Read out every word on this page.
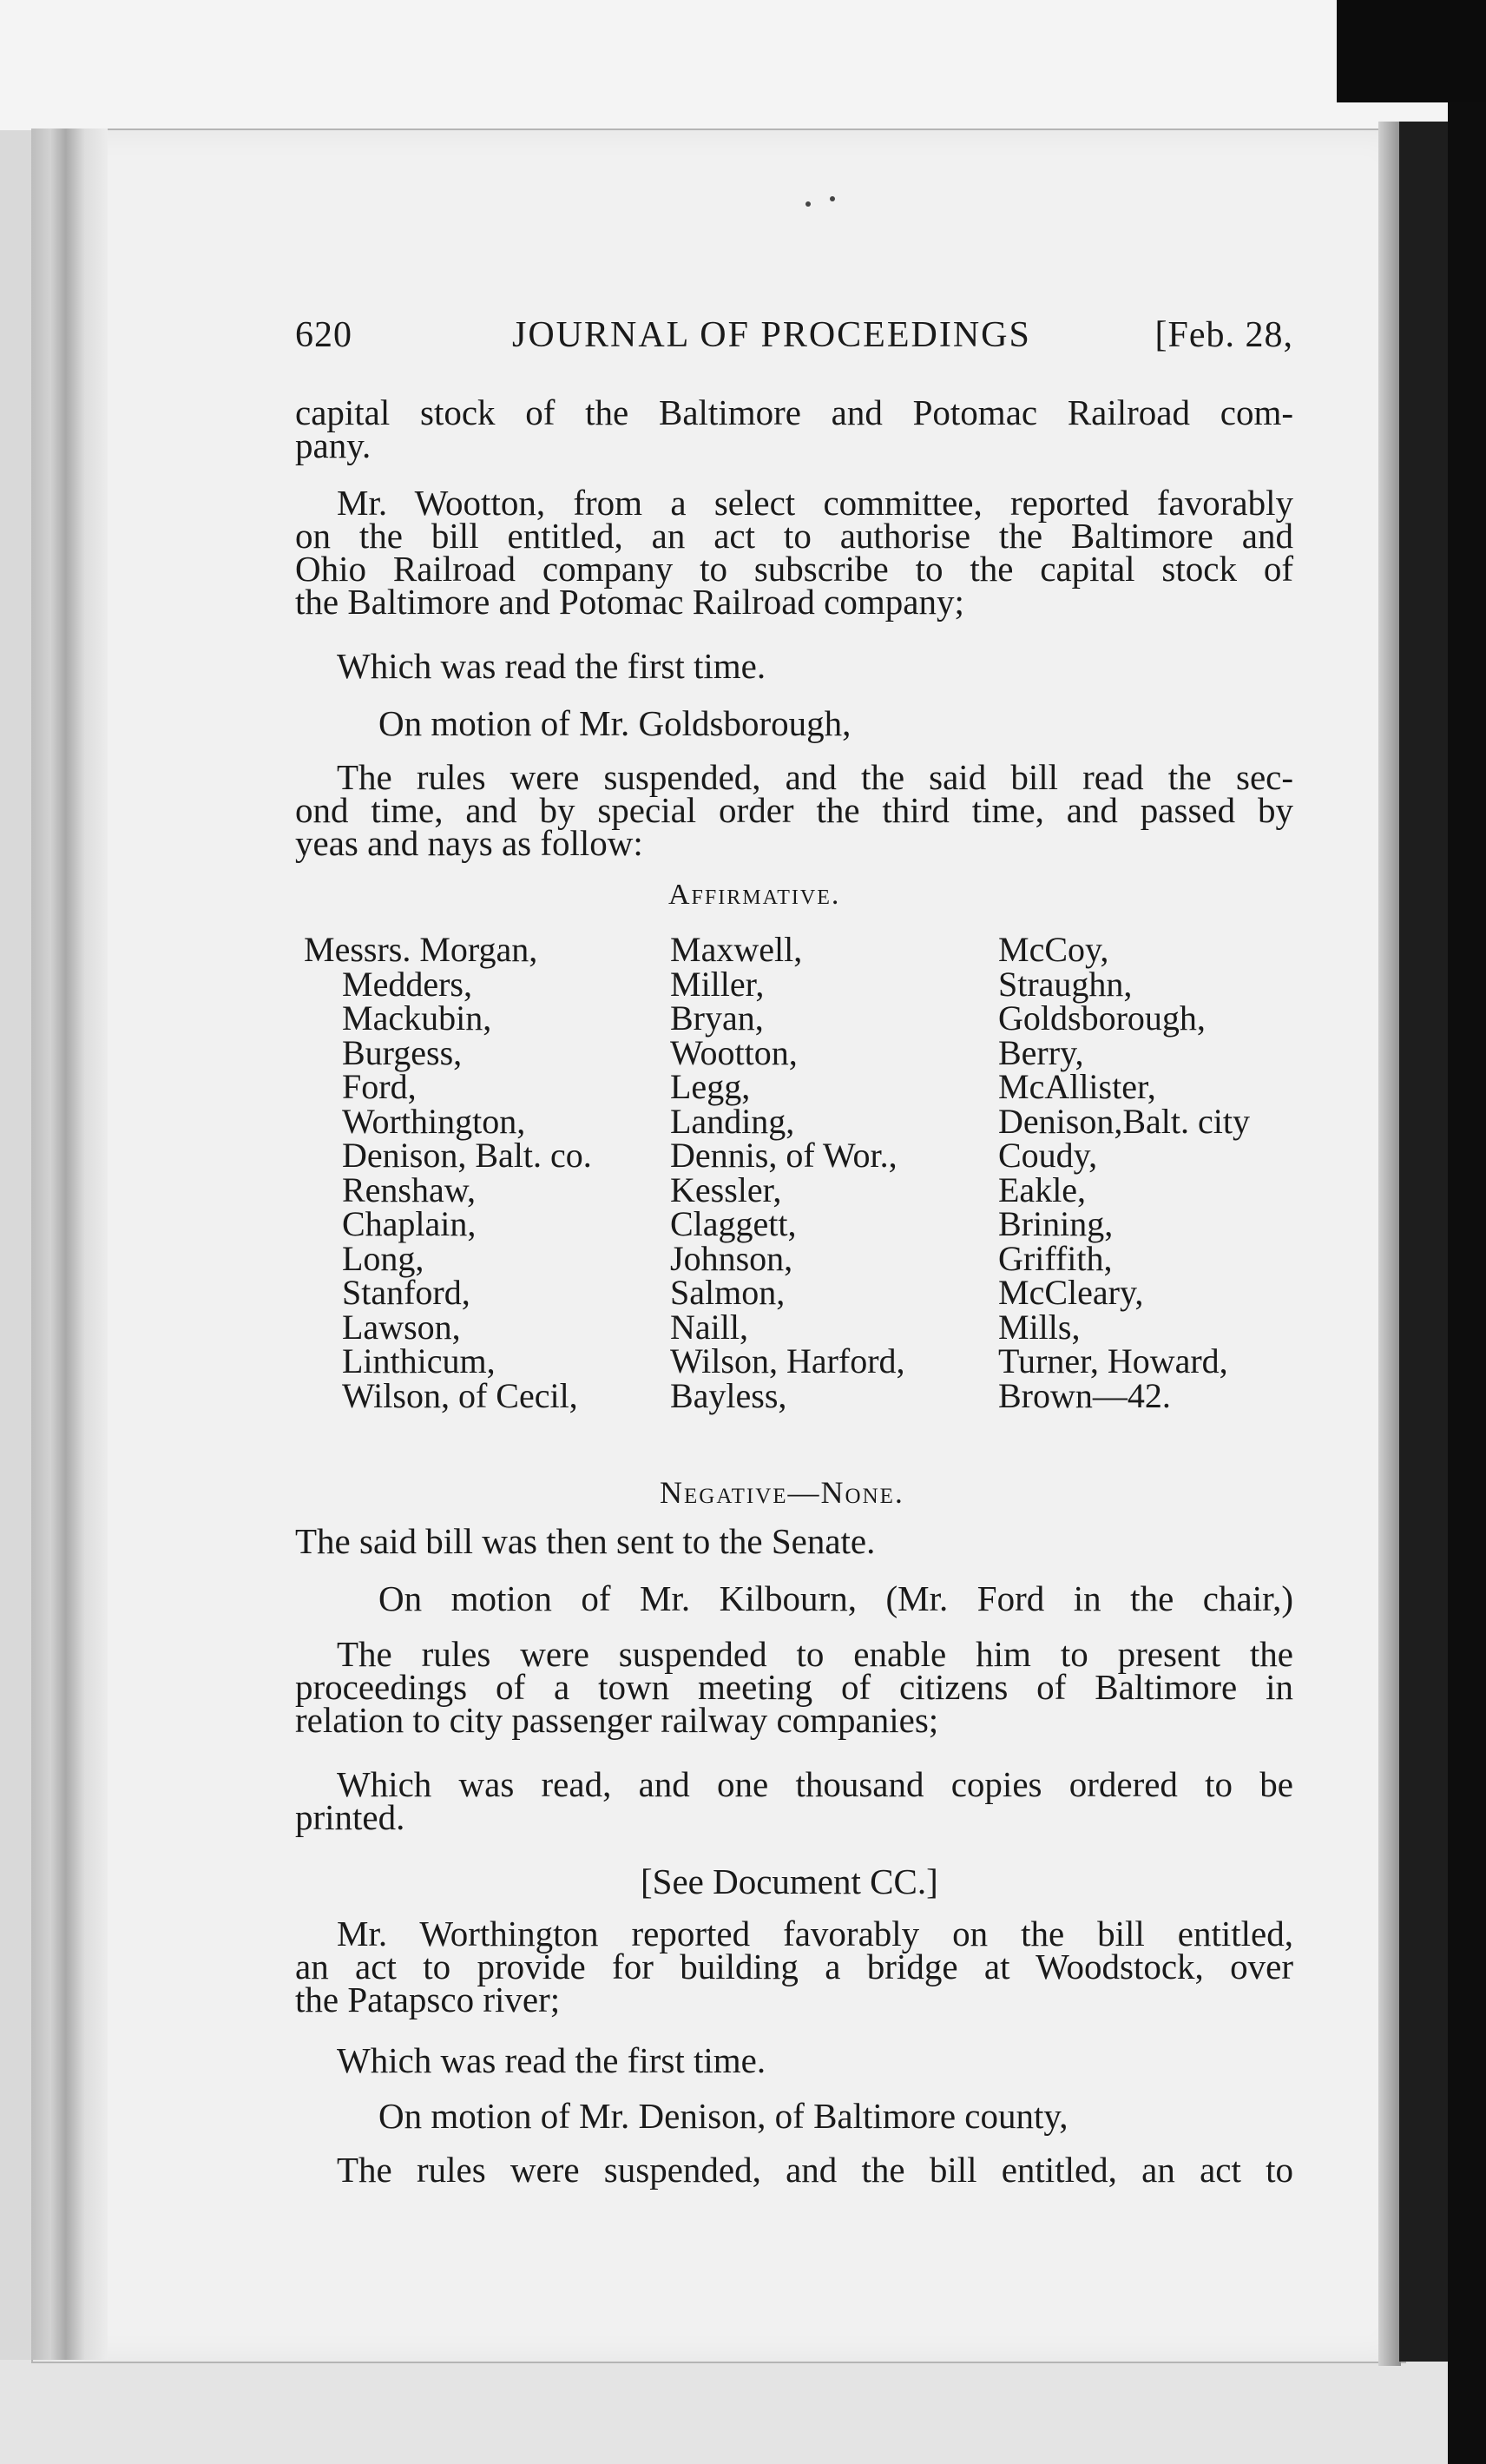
620	JOURNAL OF PROCEEDINGS	[Feb. 28,
capital stock of the Baltimore and Potomac Railroad com-
pany.
Mr. Wootton, from a select committee, reported favorably
on the bill entitled, an act to authorise the Baltimore and
Ohio Railroad company to subscribe to the capital stock of
the Baltimore and Potomac Railroad company;
Which was read the first time.
On motion of Mr. Goldsborough,
The rules were suspended, and the said bill read the sec-
ond time, and by special order the third time, and passed by
yeas and nays as follow:
Affirmative.
Messrs. Morgan,
Medders,
Mackubin,
Burgess,
Ford,
Worthington,
Denison, Balt. co.
Renshaw,
Chaplain,
Long,
Stanford,
Lawson,
Linthicum,
Wilson, of Cecil,
Maxwell,
Miller,
Bryan,
Wootton,
Legg,
Landing,
Dennis, of Wor.,
Kessler,
Claggett,
Johnson,
Salmon,
Naill,
Wilson, Harford,
Bayless,
McCoy,
Straughn,
Goldsborough,
Berry,
McAllister,
Denison,Balt. city
Coudy,
Eakle,
Brining,
Griffith,
McCleary,
Mills,
Turner, Howard,
Brown—42.
Negative—None.
The said bill was then sent to the Senate.
On motion of Mr. Kilbourn, (Mr. Ford in the chair,)
The rules were suspended to enable him to present the
proceedings of a town meeting of citizens of Baltimore in
relation to city passenger railway companies;
Which was read, and one thousand copies ordered to be
printed.
[See Document CC.]
Mr. Worthington reported favorably on the bill entitled,
an act to provide for building a bridge at Woodstock, over
the Patapsco river;
Which was read the first time.
On motion of Mr. Denison, of Baltimore county,
The rules were suspended, and the bill entitled, an act to
